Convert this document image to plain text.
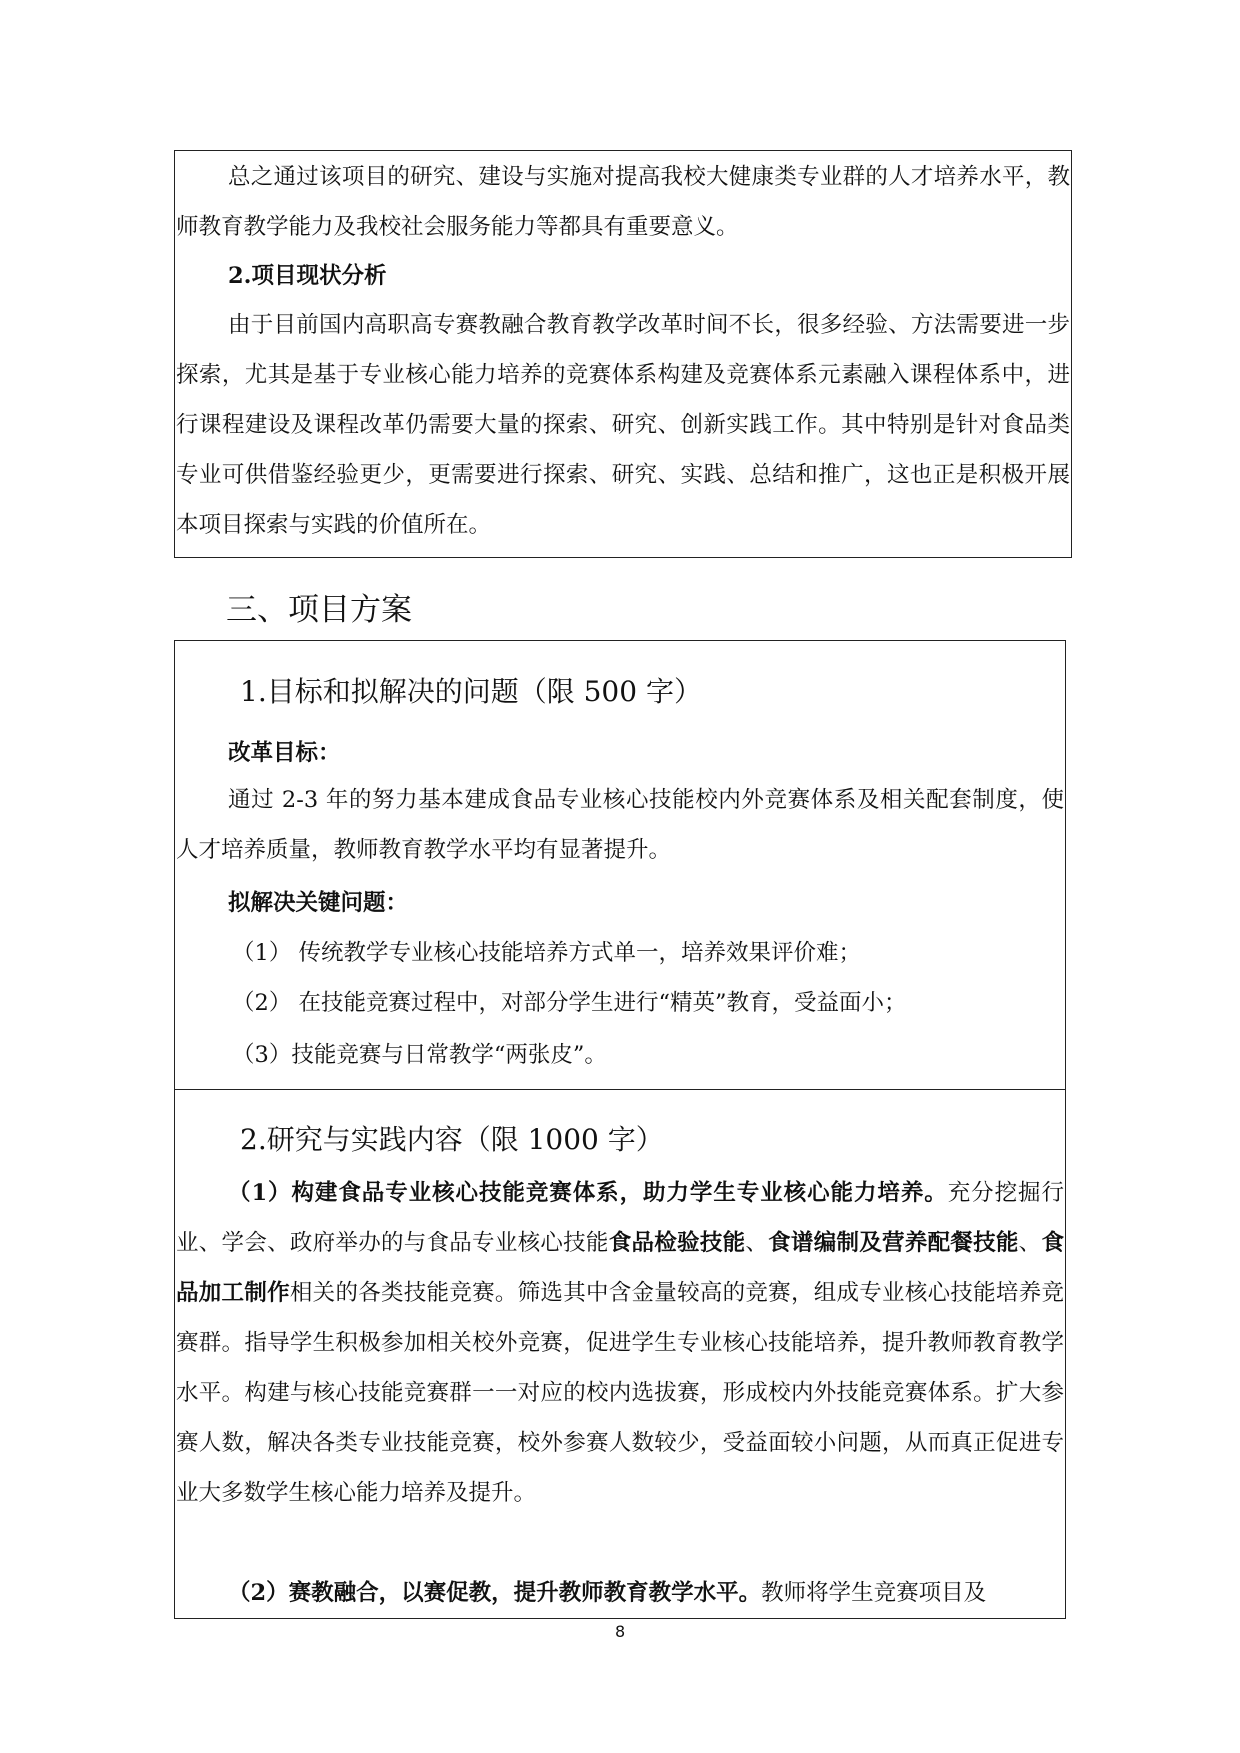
总之通过该项目的研究、建设与实施对提高我校大健康类专业群的人才培养水平，教师教育教学能力及我校社会服务能力等都具有重要意义。
2.项目现状分析
由于目前国内高职高专赛教融合教育教学改革时间不长，很多经验、方法需要进一步探索，尤其是基于专业核心能力培养的竞赛体系构建及竞赛体系元素融入课程体系中，进行课程建设及课程改革仍需要大量的探索、研究、创新实践工作。其中特别是针对食品类专业可供借鉴经验更少，更需要进行探索、研究、实践、总结和推广，这也正是积极开展本项目探索与实践的价值所在。
三、项目方案
1.目标和拟解决的问题（限 500 字）
改革目标：
通过 2-3 年的努力基本建成食品专业核心技能校内外竞赛体系及相关配套制度，使人才培养质量，教师教育教学水平均有显著提升。
拟解决关键问题：
（1） 传统教学专业核心技能培养方式单一，培养效果评价难；
（2） 在技能竞赛过程中，对部分学生进行“精英”教育，受益面小；
（3）技能竞赛与日常教学“两张皮”。
2.研究与实践内容（限 1000 字）
（1）构建食品专业核心技能竞赛体系，助力学生专业核心能力培养。充分挖掘行业、学会、政府举办的与食品专业核心技能食品检验技能、食谱编制及营养配餐技能、食品加工制作相关的各类技能竞赛。筛选其中含金量较高的竞赛，组成专业核心技能培养竞赛群。指导学生积极参加相关校外竞赛，促进学生专业核心技能培养，提升教师教育教学水平。构建与核心技能竞赛群一一对应的校内选拔赛，形成校内外技能竞赛体系。扩大参赛人数，解决各类专业技能竞赛，校外参赛人数较少，受益面较小问题，从而真正促进专业大多数学生核心能力培养及提升。
（2）赛教融合，以赛促教，提升教师教育教学水平。教师将学生竞赛项目及
8
